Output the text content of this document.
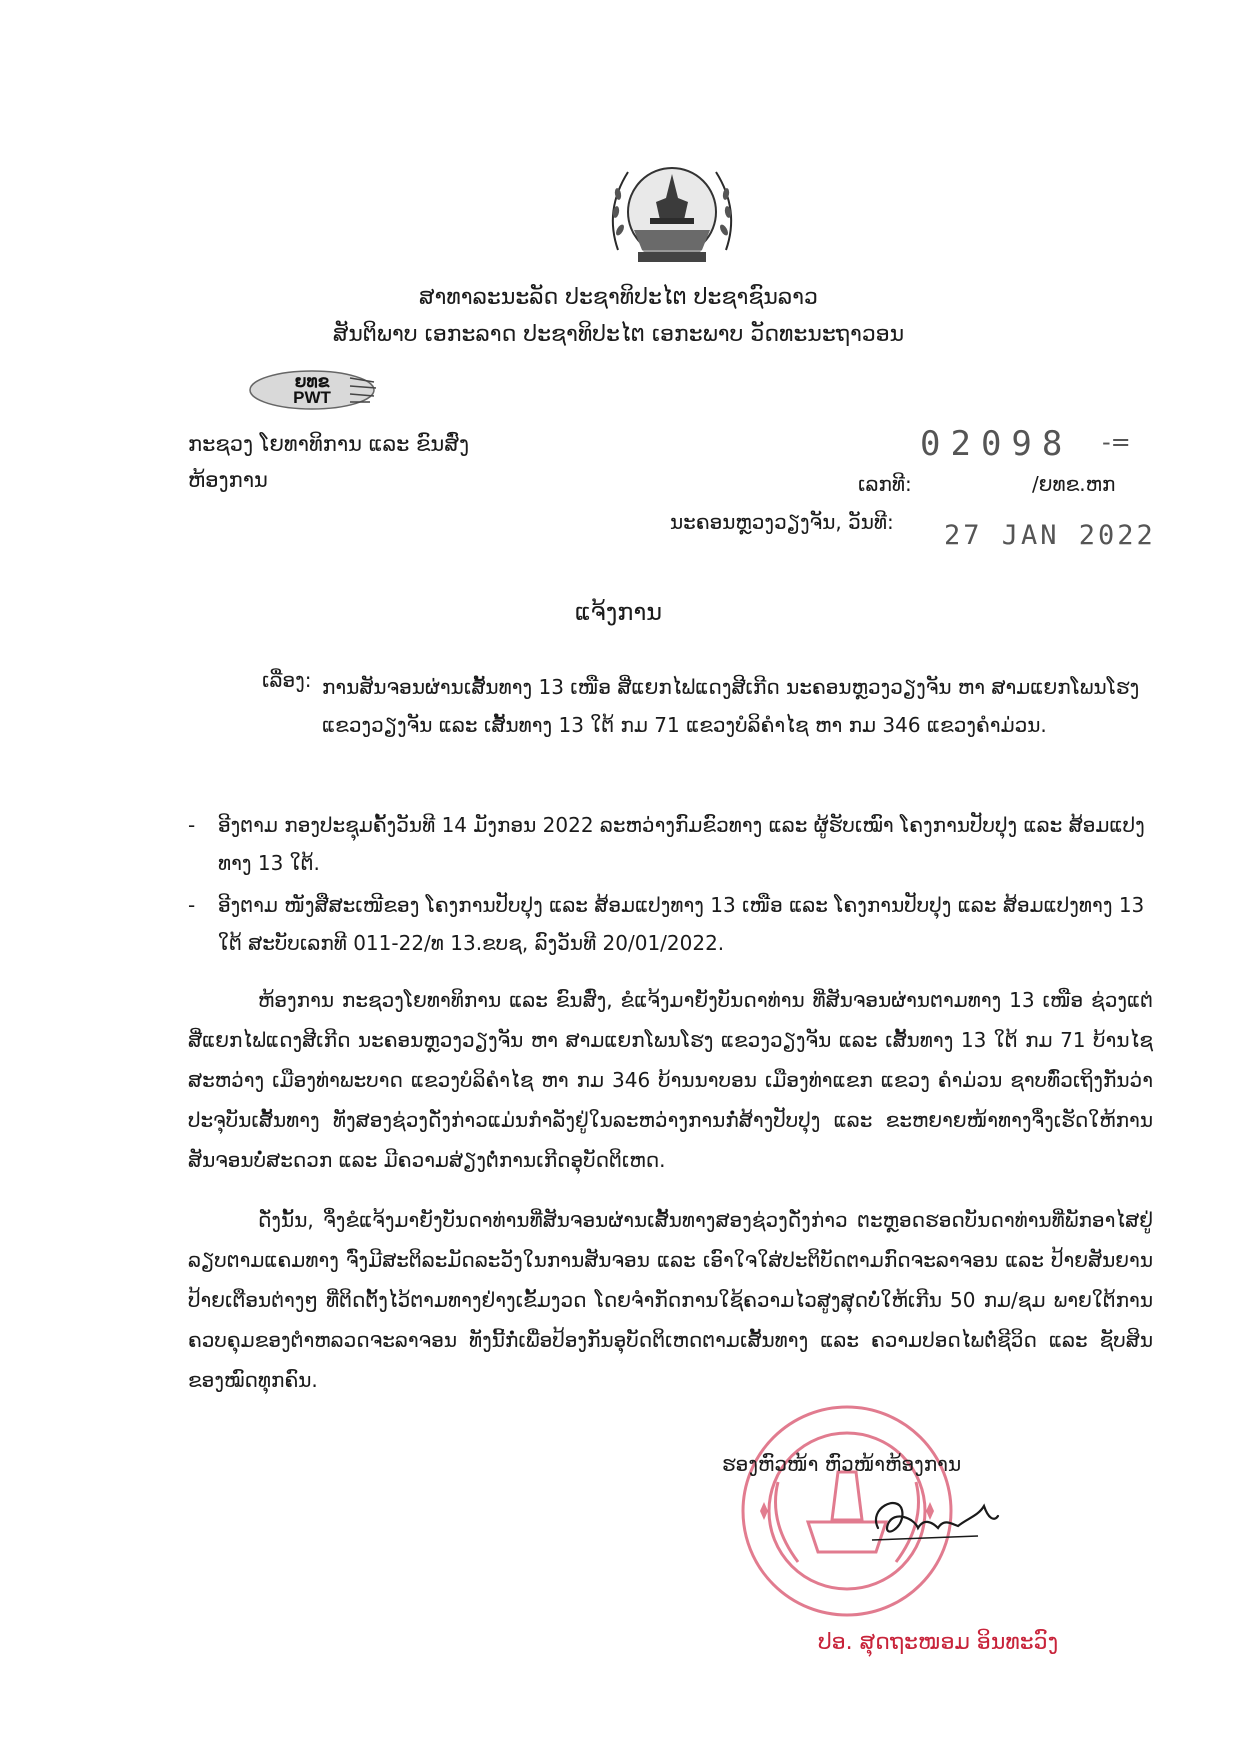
ສາທາລະນະລັດ ປະຊາທິປະໄຕ ປະຊາຊົນລາວ
ສັນຕິພາບ ເອກະລາດ ປະຊາທິປະໄຕ ເອກະພາບ ວັດທະນະຖາວອນ
ຍທຂ
PWT
ກະຊວງ ໂຍທາທິການ ແລະ ຂົນສົ່ງ
ຫ້ອງການ
02098 -=
ເລກທີ:	/ຍທຂ.ຫກ
ນະຄອນຫຼວງວຽງຈັນ, ວັນທີ: 27 JAN 2022
ແຈ້ງການ
ເລື່ອງ: ການສັນຈອນຜ່ານເສັ້ນທາງ 13 ເໜືອ ສີ່ແຍກໄຟແດງສີເກີດ ນະຄອນຫຼວງວຽງຈັນ ຫາ ສາມແຍກໂພນໂຮງ ແຂວງວຽງຈັນ ແລະ ເສັ້ນທາງ 13 ໃຕ້ ກມ 71 ແຂວງບໍລິຄໍາໄຊ ຫາ ກມ 346 ແຂວງຄໍາມ່ວນ.
- ອີງຕາມ ກອງປະຊຸມຄັ້ງວັນທີ 14 ມັງກອນ 2022 ລະຫວ່າງກົມຂົວທາງ ແລະ ຜູ້ຮັບເໝົາ ໂຄງການປັບປຸງ ແລະ ສ້ອມແປງທາງ 13 ໃຕ້.
- ອີງຕາມ ໜັງສືສະເໜີຂອງ ໂຄງການປັບປຸງ ແລະ ສ້ອມແປງທາງ 13 ເໜືອ ແລະ ໂຄງການປັບປຸງ ແລະ ສ້ອມແປງທາງ 13 ໃຕ້ ສະບັບເລກທີ 011-22/ທ 13.ຂບຊ, ລົງວັນທີ 20/01/2022.
ຫ້ອງການ ກະຊວງໂຍທາທິການ ແລະ ຂົນສົ່ງ, ຂໍແຈ້ງມາຍັງບັນດາທ່ານ ທີ່ສັນຈອນຜ່ານຕາມທາງ 13 ເໜືອ ຊ່ວງແຕ່ສີ່ແຍກໄຟແດງສີເກີດ ນະຄອນຫຼວງວຽງຈັນ ຫາ ສາມແຍກໂພນໂຮງ ແຂວງວຽງຈັນ ແລະ ເສັ້ນທາງ 13 ໃຕ້ ກມ 71 ບ້ານໄຊສະຫວ່າງ ເມືອງທ່າພະບາດ ແຂວງບໍລິຄໍາໄຊ ຫາ ກມ 346 ບ້ານນາບອນ ເມືອງທ່າແຂກ ແຂວງ ຄໍາມ່ວນ ຊາບທົ່ວເຖິງກັນວ່າ ປະຈຸບັນເສັ້ນທາງ ທັງສອງຊ່ວງດັ່ງກ່າວແມ່ນກໍາລັງຢູ່ໃນລະຫວ່າງການກໍ່ສ້າງປັບປຸງ ແລະ ຂະຫຍາຍໜ້າທາງຈຶ່ງເຮັດໃຫ້ການສັນຈອນບໍ່ສະດວກ ແລະ ມີຄວາມສ່ຽງຕໍ່ການເກີດອຸບັດຕິເຫດ.
ດັ່ງນັ້ນ, ຈຶ່ງຂໍແຈ້ງມາຍັງບັນດາທ່ານທີ່ສັນຈອນຜ່ານເສັ້ນທາງສອງຊ່ວງດັ່ງກ່າວ ຕະຫຼອດຮອດບັນດາທ່ານທີ່ພັກອາໄສຢູ່ລຽບຕາມແຄມທາງ ຈົ່ງມີສະຕິລະມັດລະວັງໃນການສັນຈອນ ແລະ ເອົາໃຈໃສ່ປະຕິບັດຕາມກົດຈະລາຈອນ ແລະ ປ້າຍສັນຍານ ປ້າຍເຕືອນຕ່າງໆ ທີ່ຕິດຕັ້ງໄວ້ຕາມທາງຢ່າງເຂັ້ມງວດ ໂດຍຈໍາກັດການໃຊ້ຄວາມໄວສູງສຸດບໍ່ໃຫ້ເກີນ 50 ກມ/ຊມ ພາຍໃຕ້ການຄວບຄຸມຂອງຕໍາຫລວດຈະລາຈອນ ທັງນີ້ກໍ່ເພື່ອປ້ອງກັນອຸບັດຕິເຫດຕາມເສັ້ນທາງ ແລະ ຄວາມປອດໄພຕໍ່ຊີວິດ ແລະ ຊັບສິນຂອງໝົດທຸກຄົນ.
ຮອງຫົວໜ້າ ຫົວໜ້າຫ້ອງການ
ປອ. ສຸດຖະໜອມ ອິນທະວົງ
